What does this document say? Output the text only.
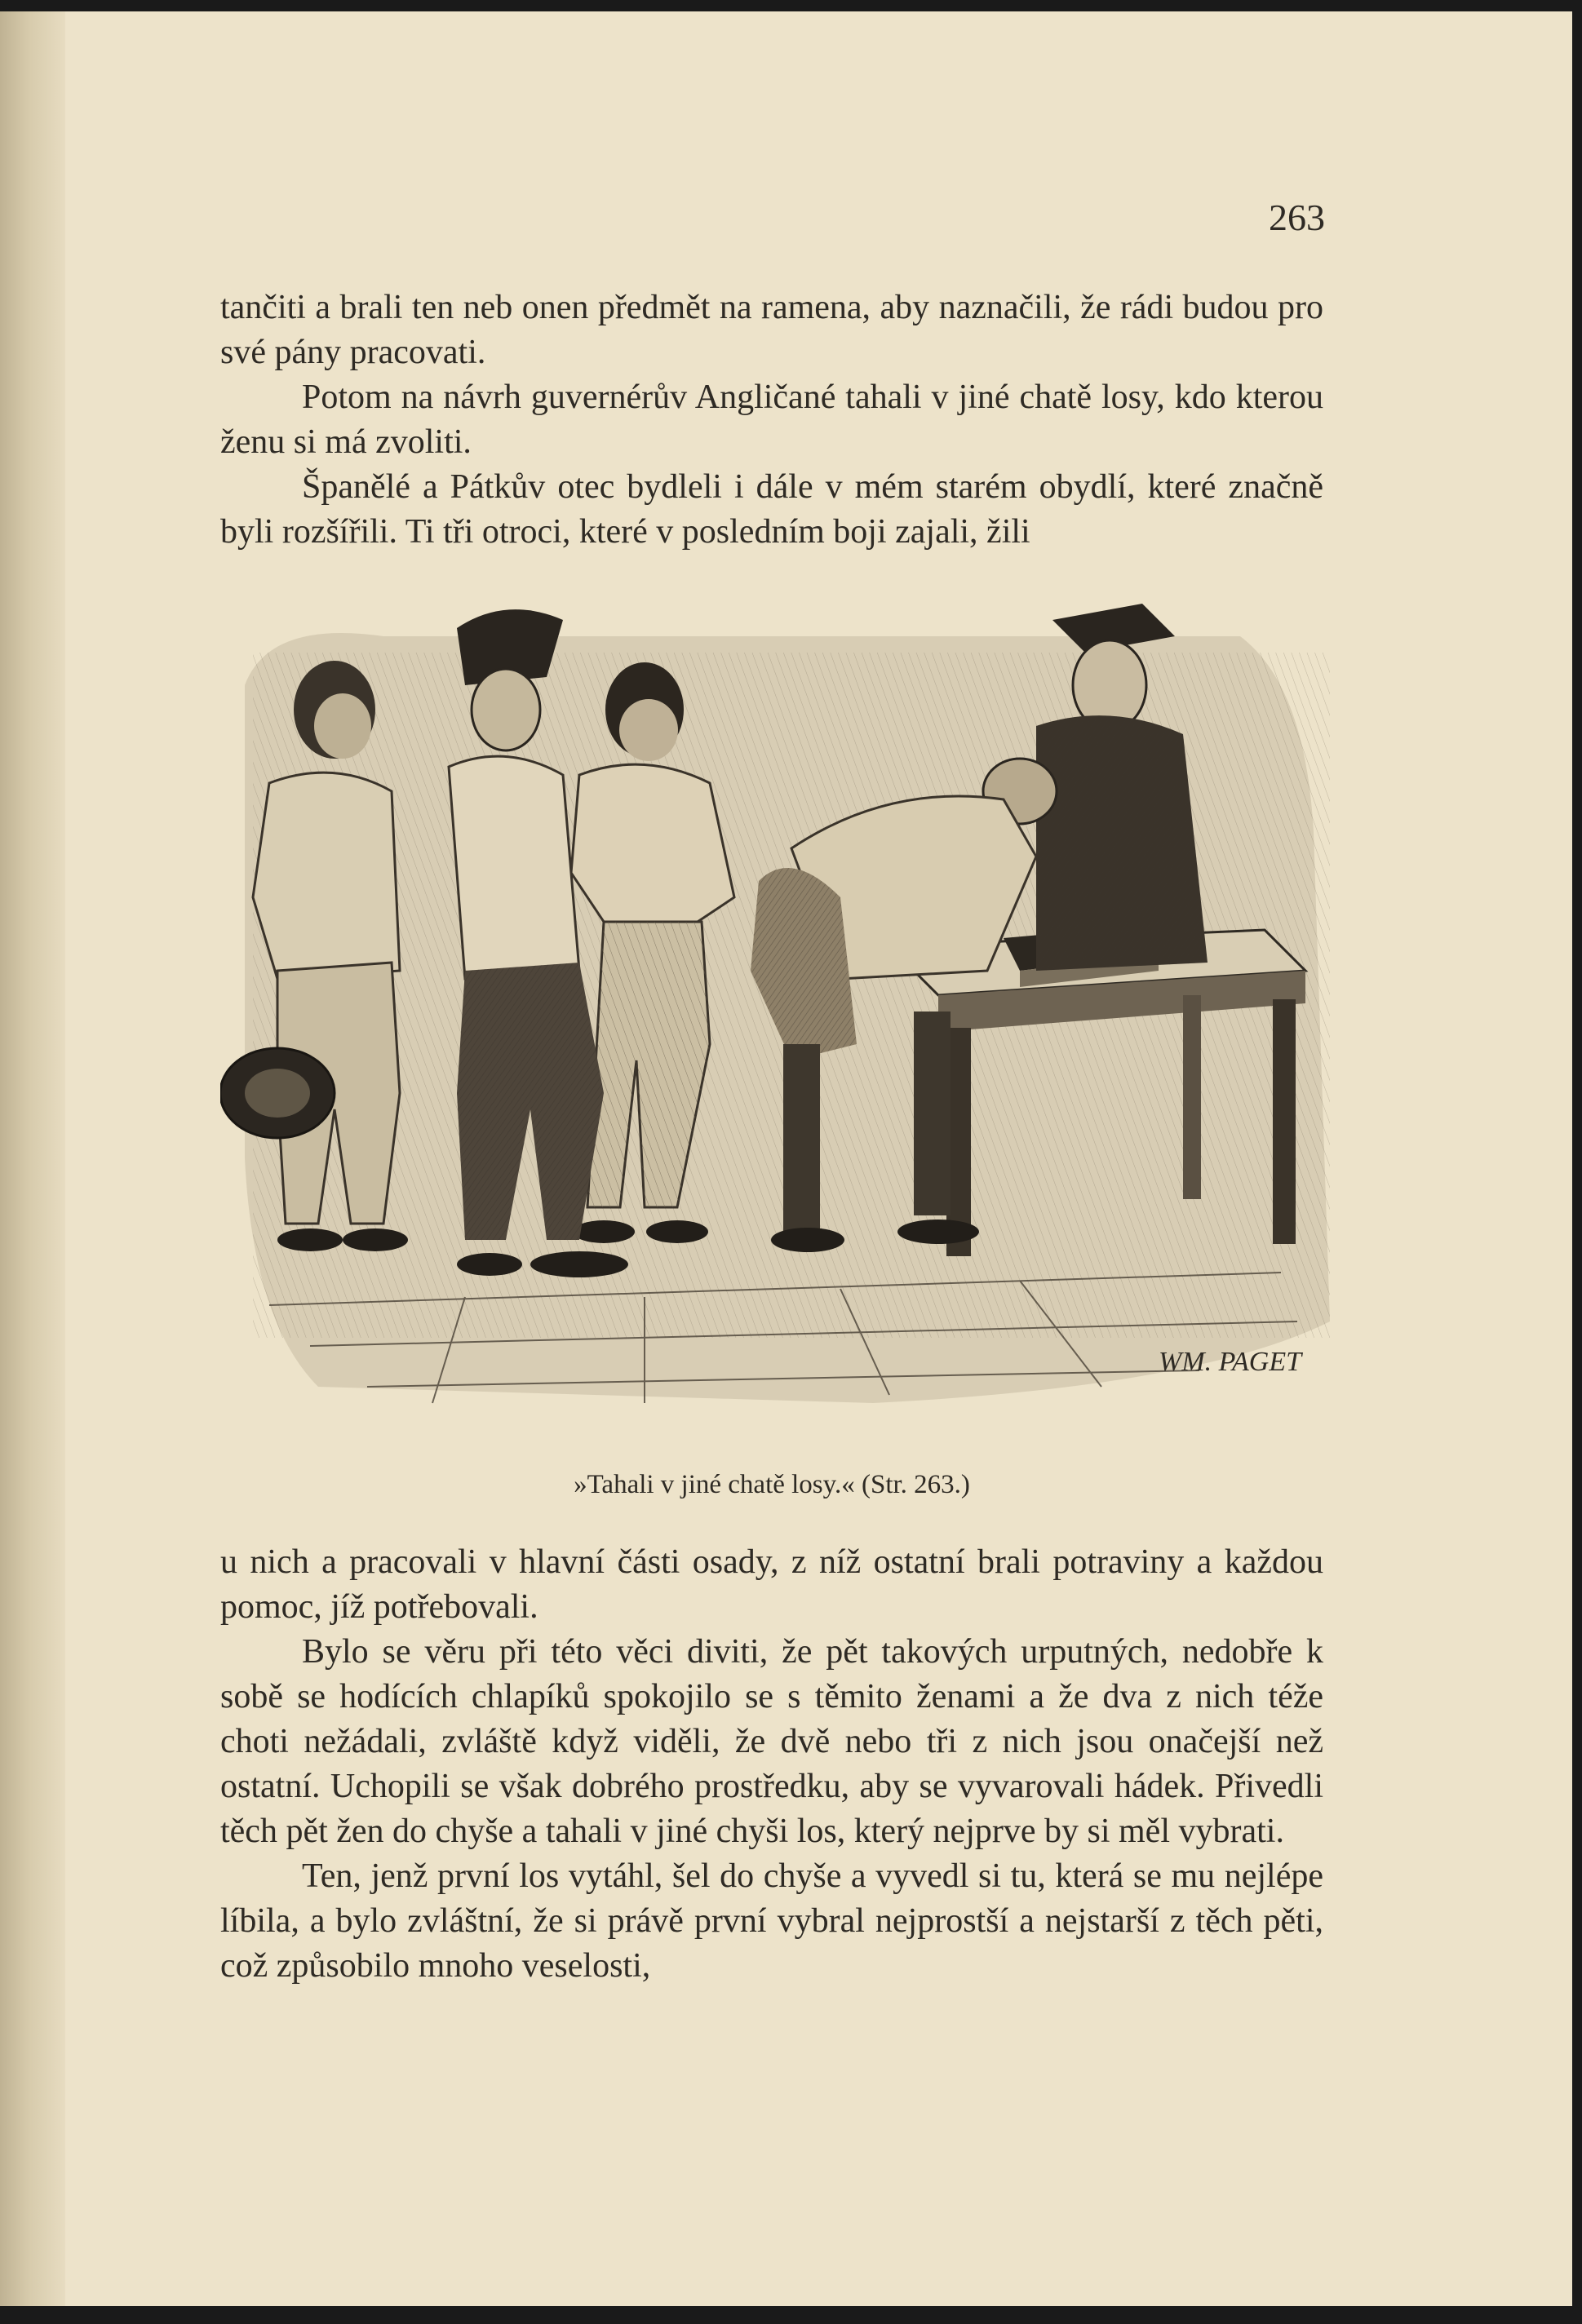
263

tančiti a brali ten neb onen předmět na ramena, aby naznačili, že rádi budou pro své pány pracovati.

Potom na návrh guvernérův Angličané tahali v jiné chatě losy, kdo kterou ženu si má zvoliti.

Španělé a Pátkův otec bydleli i dále v mém starém obydlí, které značně byli rozšířili. Ti tři otroci, které v posledním boji zajali, žili

WM. PAGET
»Tahali v jiné chatě losy.« (Str. 263.)

u nich a pracovali v hlavní části osady, z níž ostatní brali potraviny a každou pomoc, jíž potřebovali.

Bylo se věru při této věci diviti, že pět takových urputných, nedobře k sobě se hodících chlapíků spokojilo se s těmito ženami a že dva z nich téže choti nežádali, zvláště když viděli, že dvě nebo tři z nich jsou onačejší než ostatní. Uchopili se však dobrého prostředku, aby se vyvarovali hádek. Přivedli těch pět žen do chyše a tahali v jiné chyši los, který nejprve by si měl vybrati.

Ten, jenž první los vytáhl, šel do chyše a vyvedl si tu, která se mu nejlépe líbila, a bylo zvláštní, že si právě první vybral nejprostší a nejstarší z těch pěti, což způsobilo mnoho veselosti,
